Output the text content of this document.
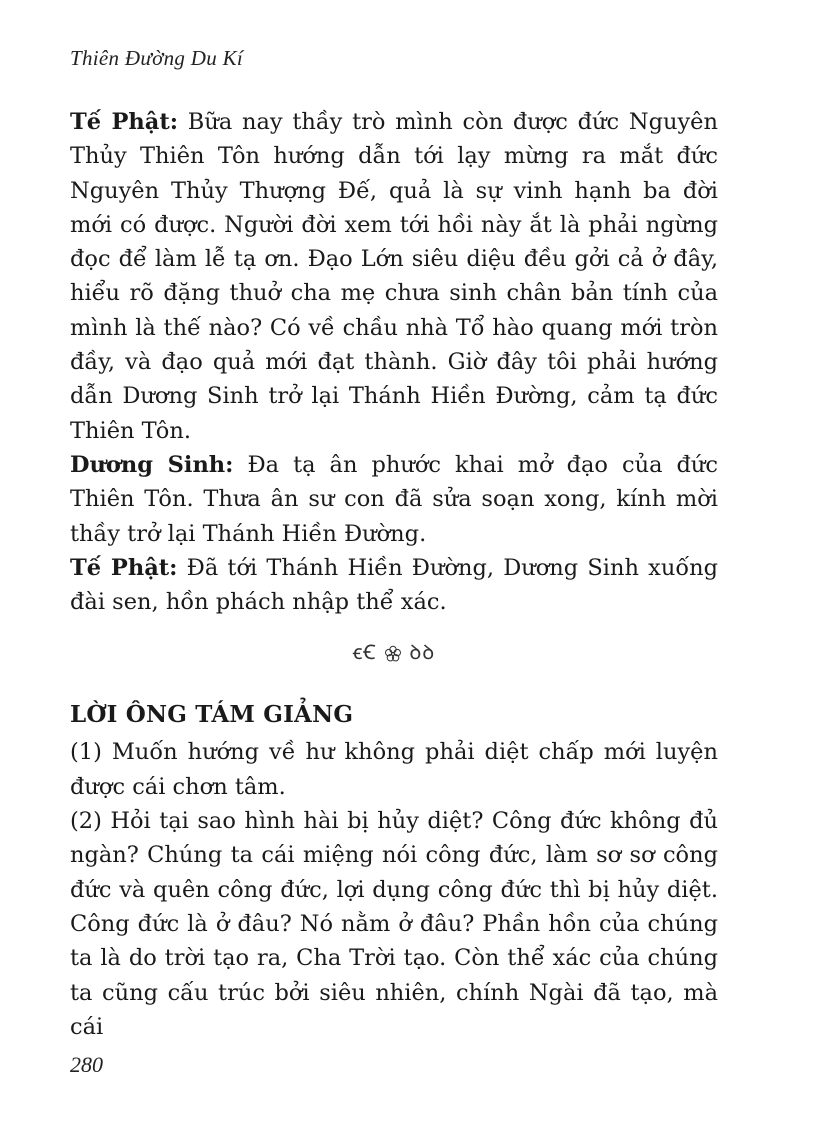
Thiên Đường Du Kí

Tế Phật: Bữa nay thầy trò mình còn được đức Nguyên Thủy Thiên Tôn hướng dẫn tới lạy mừng ra mắt đức Nguyên Thủy Thượng Đế, quả là sự vinh hạnh ba đời mới có được. Người đời xem tới hồi này ắt là phải ngừng đọc để làm lễ tạ ơn. Đạo Lớn siêu diệu đều gởi cả ở đây, hiểu rõ đặng thuở cha mẹ chưa sinh chân bản tính của mình là thế nào? Có về chầu nhà Tổ hào quang mới tròn đầy, và đạo quả mới đạt thành. Giờ đây tôi phải hướng dẫn Dương Sinh trở lại Thánh Hiền Đường, cảm tạ đức Thiên Tôn.

Dương Sinh: Đa tạ ân phước khai mở đạo của đức Thiên Tôn. Thưa ân sư con đã sửa soạn xong, kính mời thầy trở lại Thánh Hiền Đường.

Tế Phật: Đã tới Thánh Hiền Đường, Dương Sinh xuống đài sen, hồn phách nhập thể xác.

ꞓꞒ ꝺꝺ
LỜI ÔNG TÁM GIẢNG

(1) Muốn hướng về hư không phải diệt chấp mới luyện được cái chơn tâm.

(2) Hỏi tại sao hình hài bị hủy diệt? Công đức không đủ ngàn? Chúng ta cái miệng nói công đức, làm sơ sơ công đức và quên công đức, lợi dụng công đức thì bị hủy diệt. Công đức là ở đâu? Nó nằm ở đâu? Phần hồn của chúng ta là do trời tạo ra, Cha Trời tạo. Còn thể xác của chúng ta cũng cấu trúc bởi siêu nhiên, chính Ngài đã tạo, mà cái

280
